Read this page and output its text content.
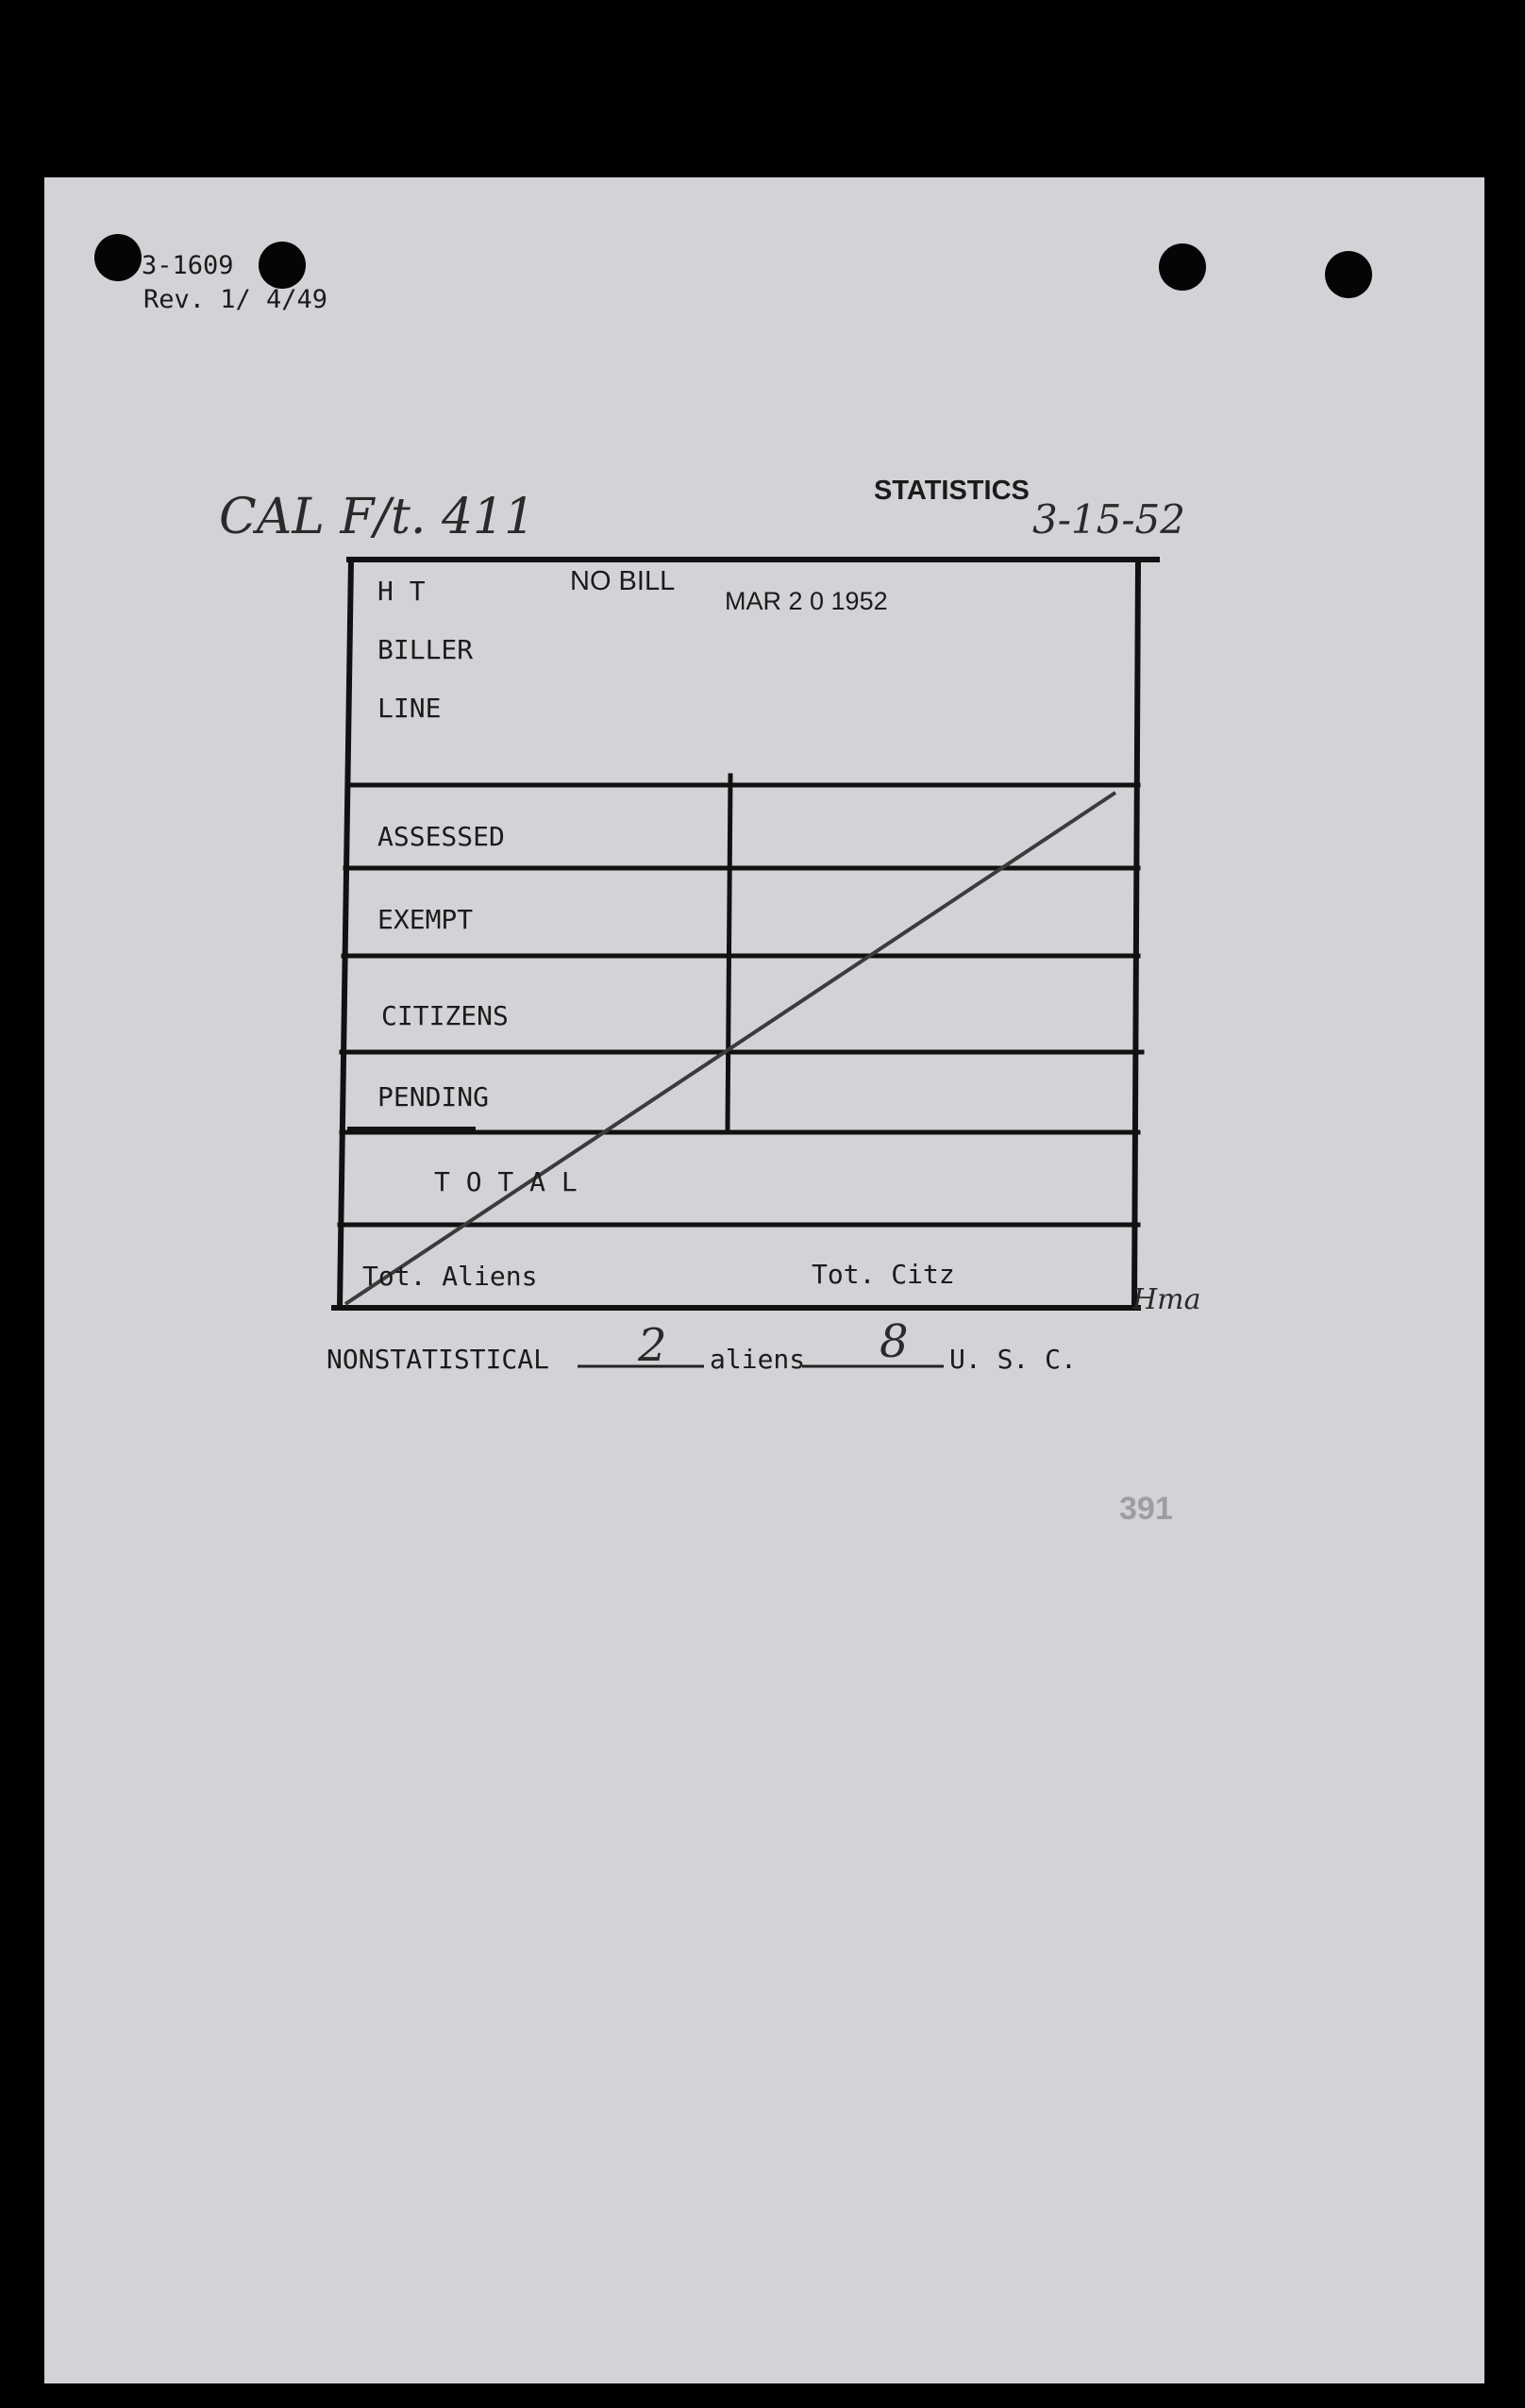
3-1609
Rev. 1/ 4/49
CAL F/t. 411	STATISTICS
3-15-52
H T	NO BILL
MAR 2 0 1952
BILLER
LINE
ASSESSED
EXEMPT
CITIZENS
PENDING
T O T A L
Tot. Aliens	Tot. Citz
Hma
NONSTATISTICAL 2 aliens 8 U. S. C.
391
